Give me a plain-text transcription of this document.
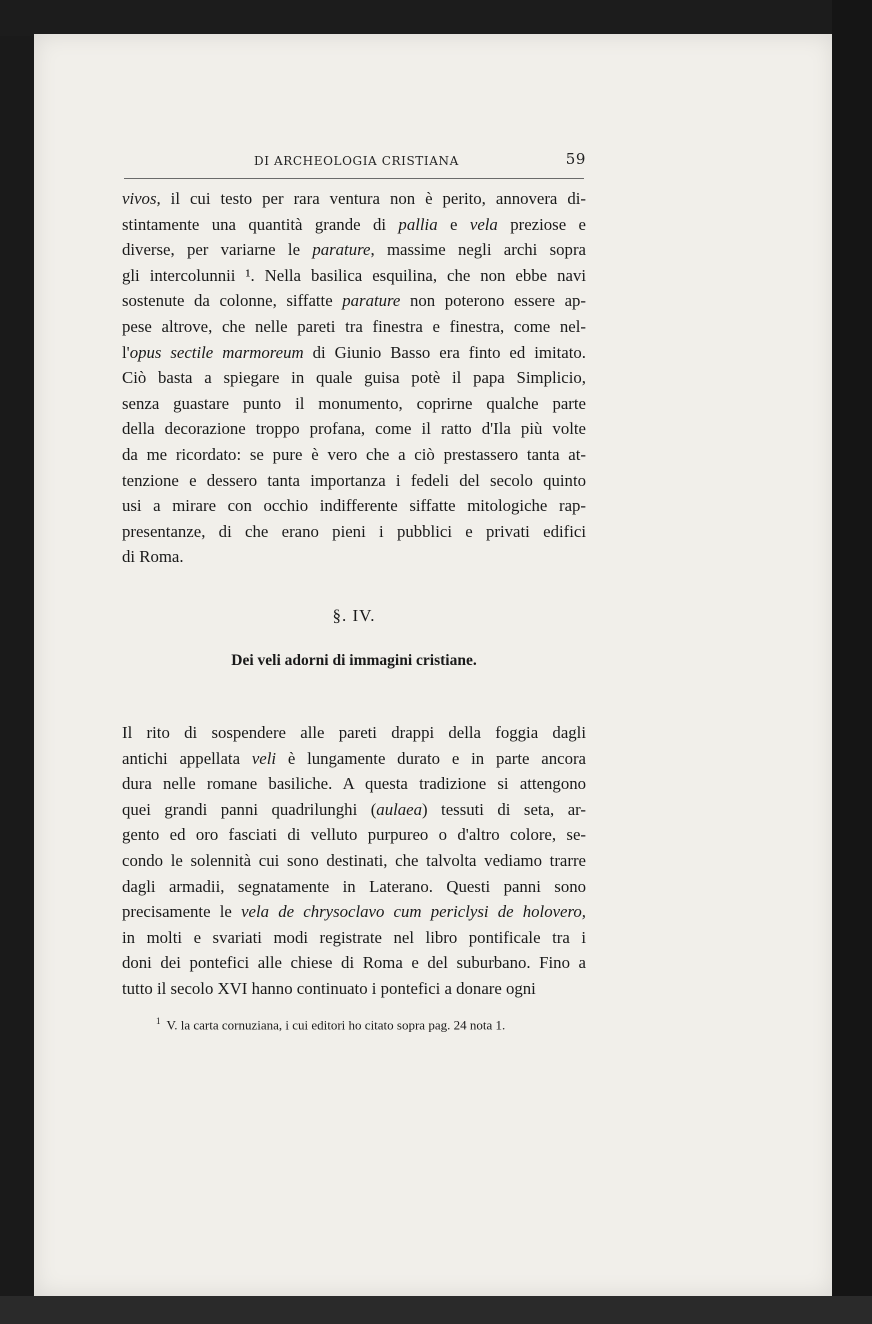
DI ARCHEOLOGIA CRISTIANA	59
vivos, il cui testo per rara ventura non è perito, annovera di-
stintamente una quantità grande di pallia e vela preziose e
diverse, per variarne le parature, massime negli archi sopra
gli intercolunnii ¹. Nella basilica esquilina, che non ebbe navi
sostenute da colonne, siffatte parature non poterono essere ap-
pese altrove, che nelle pareti tra finestra e finestra, come nel-
l'opus sectile marmoreum di Giunio Basso era finto ed imitato.
Ciò basta a spiegare in quale guisa potè il papa Simplicio,
senza guastare punto il monumento, coprirne qualche parte
della decorazione troppo profana, come il ratto d'Ila più volte
da me ricordato: se pure è vero che a ciò prestassero tanta at-
tenzione e dessero tanta importanza i fedeli del secolo quinto
usi a mirare con occhio indifferente siffatte mitologiche rap-
presentanze, di che erano pieni i pubblici e privati edifici
di Roma.
§. IV.
Dei veli adorni di immagini cristiane.
Il rito di sospendere alle pareti drappi della foggia dagli
antichi appellata veli è lungamente durato e in parte ancora
dura nelle romane basiliche. A questa tradizione si attengono
quei grandi panni quadrilunghi (aulaea) tessuti di seta, ar-
gento ed oro fasciati di velluto purpureo o d'altro colore, se-
condo le solennità cui sono destinati, che talvolta vediamo trarre
dagli armadii, segnatamente in Laterano. Questi panni sono
precisamente le vela de chrysoclavo cum periclysi de holovero,
in molti e svariati modi registrate nel libro pontificale tra i
doni dei pontefici alle chiese di Roma e del suburbano. Fino a
tutto il secolo XVI hanno continuato i pontefici a donare ogni
$^1$ V. la carta cornuziana, i cui editori ho citato sopra pag. 24 nota 1.
